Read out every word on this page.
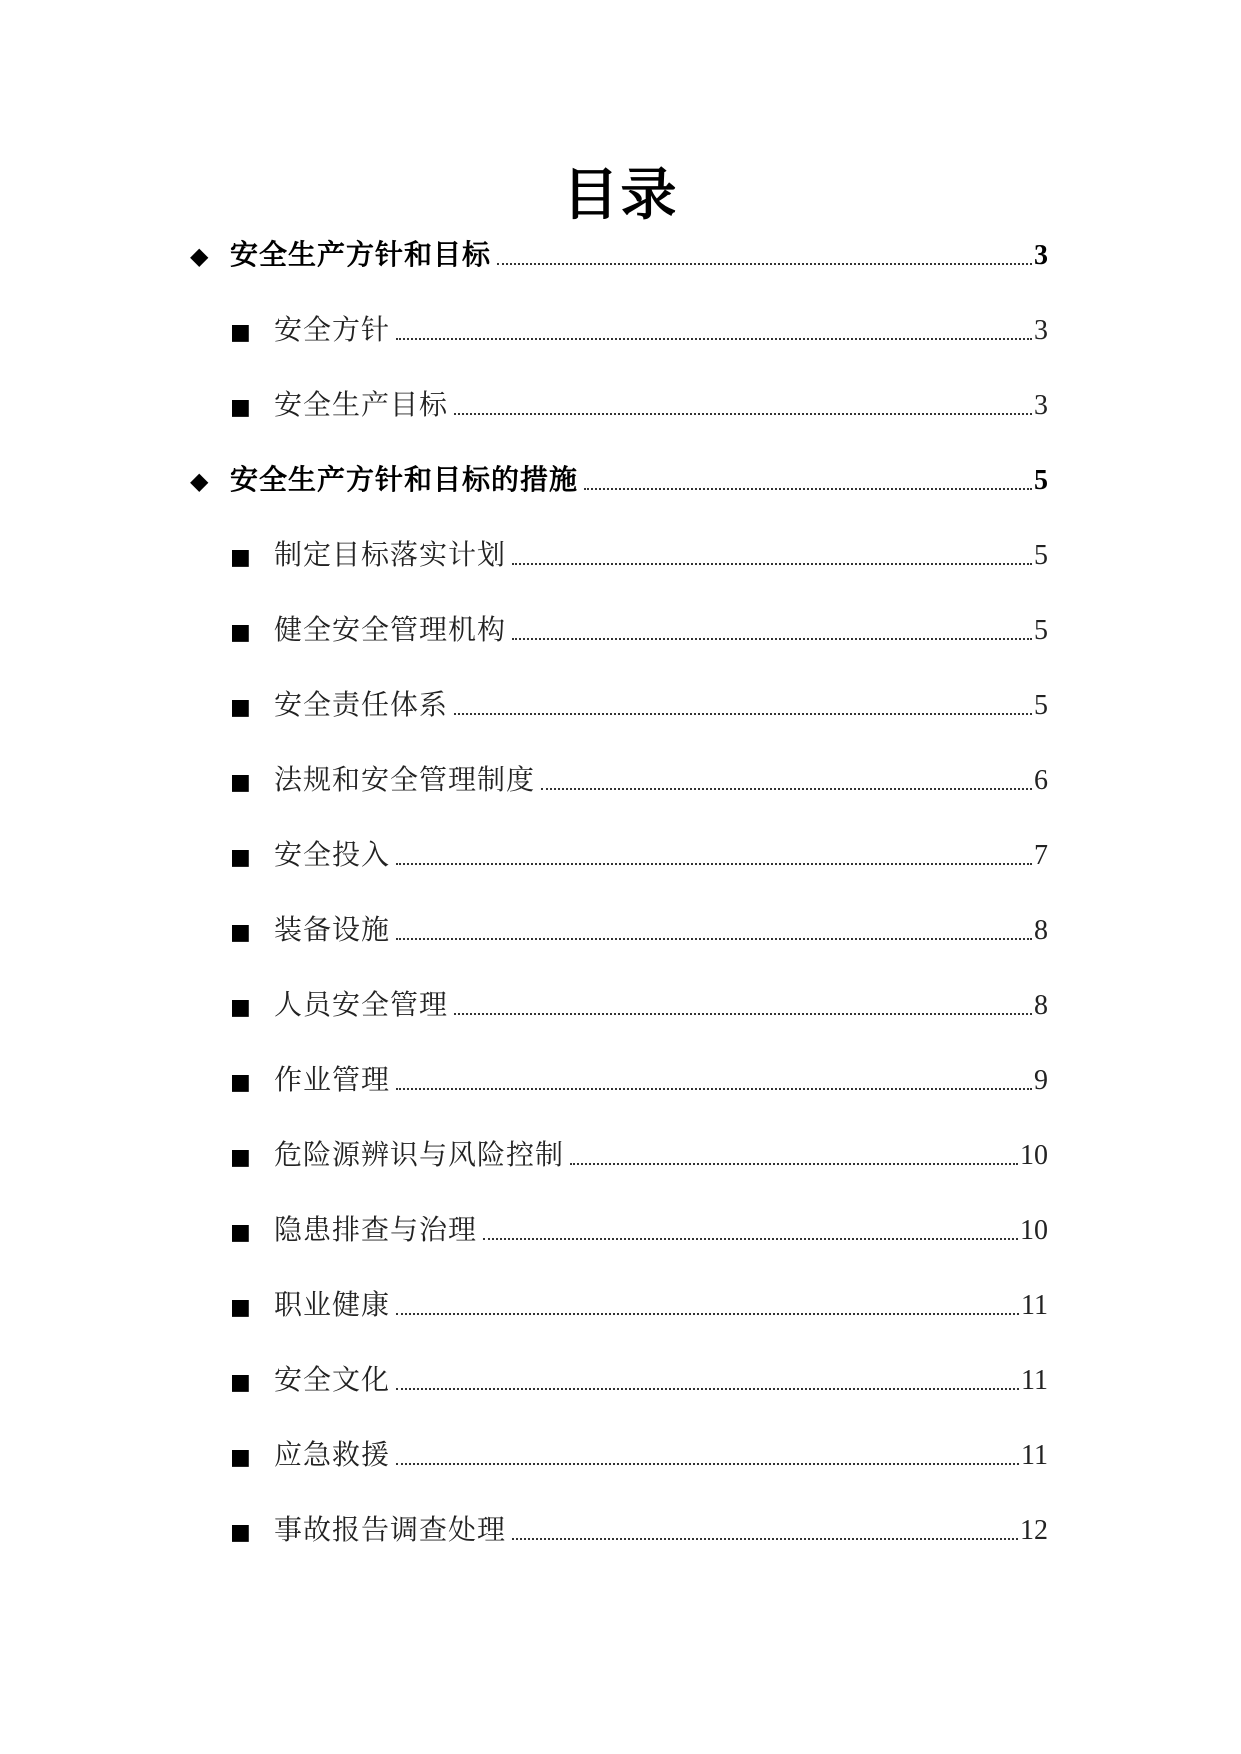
目录
◆ 安全生产方针和目标	3
■ 安全方针	3
■ 安全生产目标	3
◆ 安全生产方针和目标的措施	5
■ 制定目标落实计划	5
■ 健全安全管理机构	5
■ 安全责任体系	5
■ 法规和安全管理制度	6
■ 安全投入	7
■ 装备设施	8
■ 人员安全管理	8
■ 作业管理	9
■ 危险源辨识与风险控制	10
■ 隐患排查与治理	10
■ 职业健康	11
■ 安全文化	11
■ 应急救援	11
■ 事故报告调查处理	12
